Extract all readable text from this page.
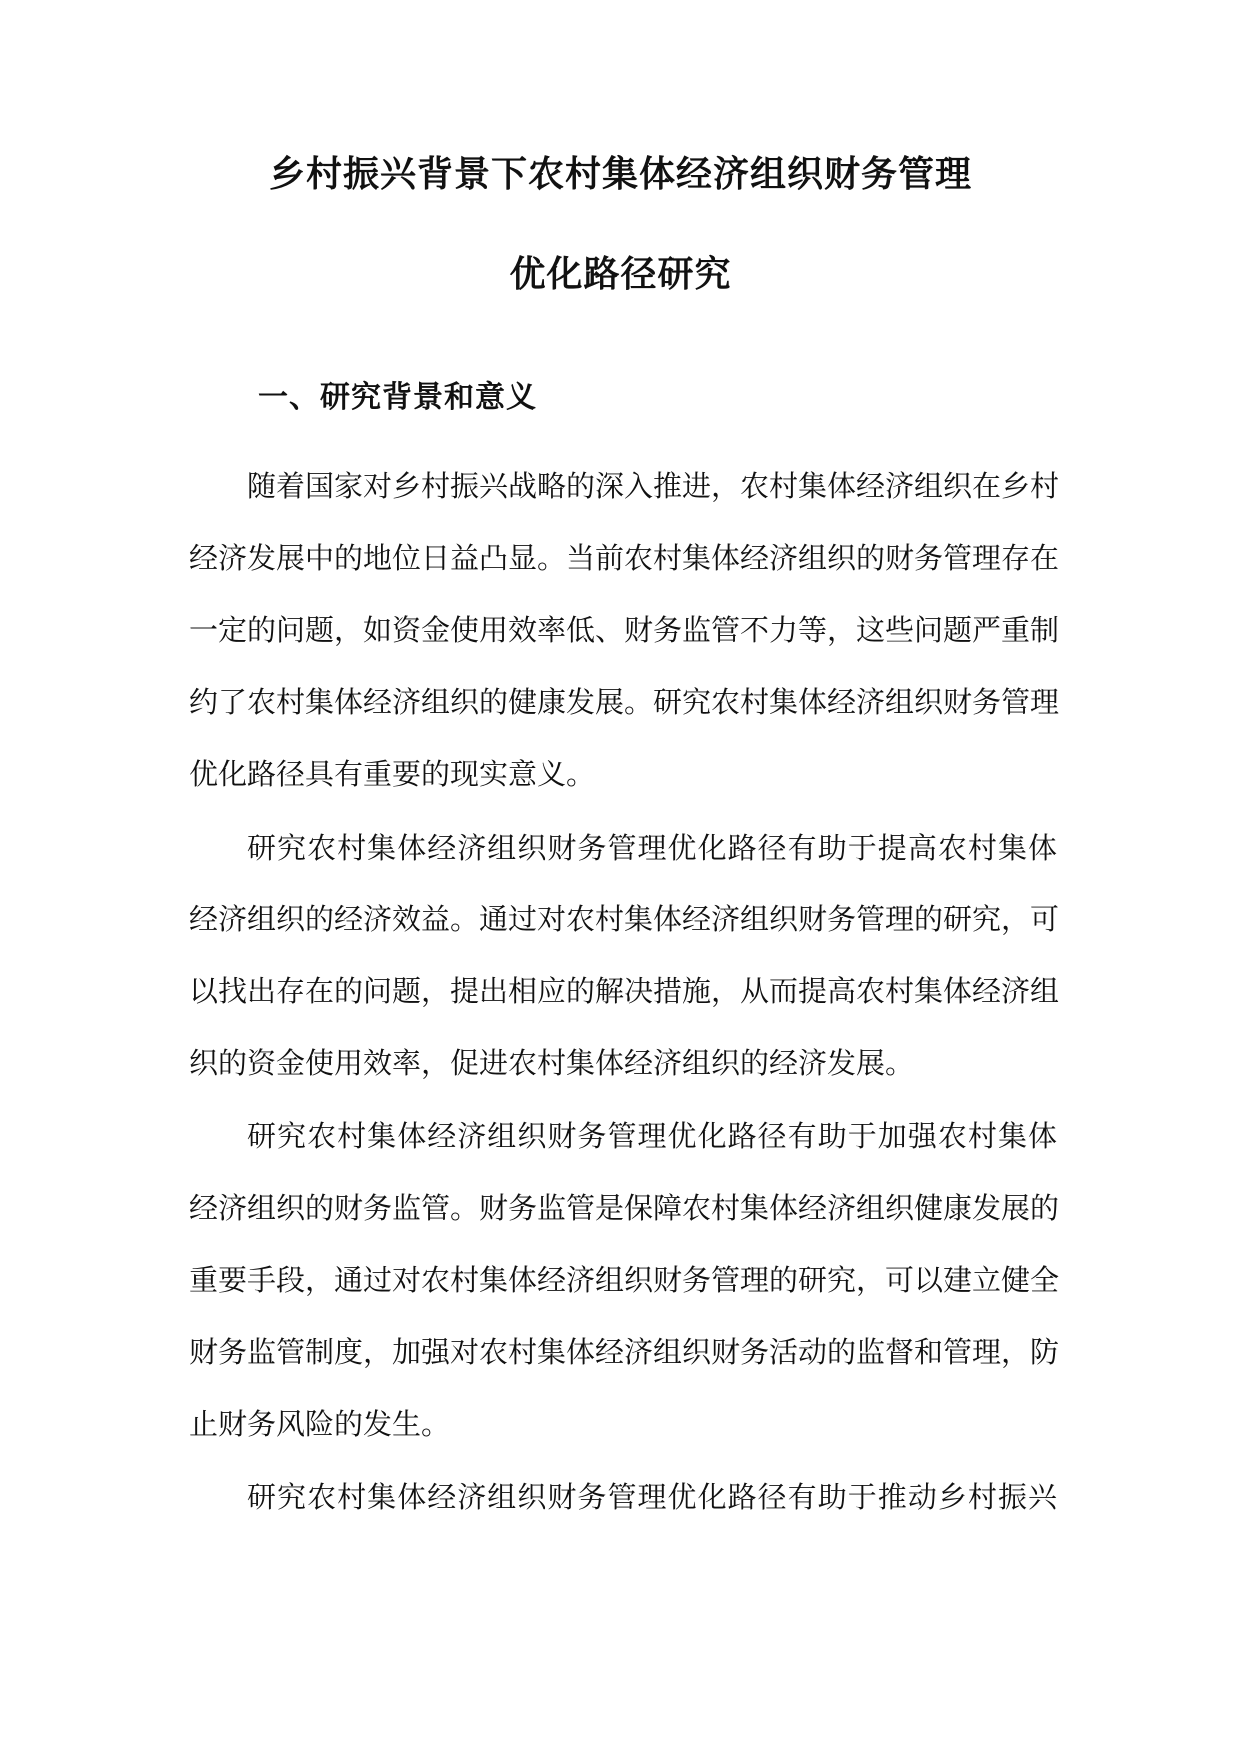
乡村振兴背景下农村集体经济组织财务管理
优化路径研究
一、研究背景和意义

随着国家对乡村振兴战略的深入推进，农村集体经济组织在乡村

经济发展中的地位日益凸显。当前农村集体经济组织的财务管理存在

一定的问题，如资金使用效率低、财务监管不力等，这些问题严重制

约了农村集体经济组织的健康发展。研究农村集体经济组织财务管理

优化路径具有重要的现实意义。

研究农村集体经济组织财务管理优化路径有助于提高农村集体

经济组织的经济效益。通过对农村集体经济组织财务管理的研究，可

以找出存在的问题，提出相应的解决措施，从而提高农村集体经济组

织的资金使用效率，促进农村集体经济组织的经济发展。

研究农村集体经济组织财务管理优化路径有助于加强农村集体

经济组织的财务监管。财务监管是保障农村集体经济组织健康发展的

重要手段，通过对农村集体经济组织财务管理的研究，可以建立健全

财务监管制度，加强对农村集体经济组织财务活动的监督和管理，防

止财务风险的发生。

研究农村集体经济组织财务管理优化路径有助于推动乡村振兴
